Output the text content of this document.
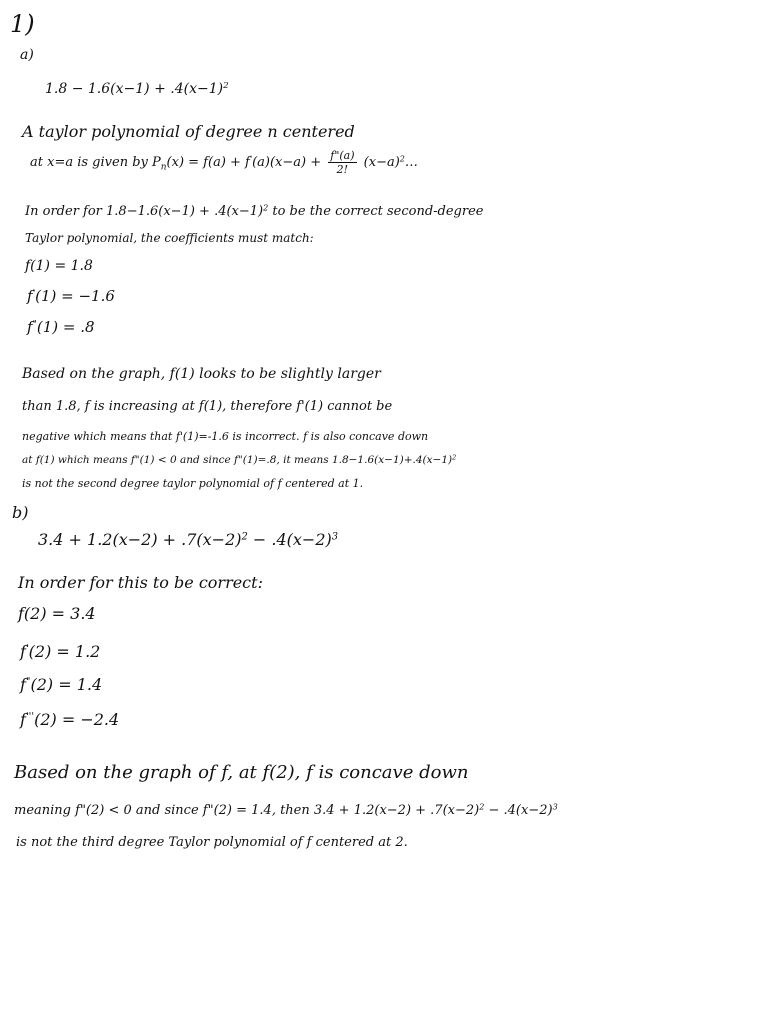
1)
a)
$1.8 - 1.6(x-1) + .4(x-1)^2$
A taylor polynomial of degree n centered
at x=a is given by $P_n(x) = f(a) + f'(a)(x-a) + \frac{f"(a)}{2!}$ $(x-a)^2\dots$
In order for $1.8-1.6(x-1) + .4(x-1)^2$ to be the correct second-degree
Taylor polynomial, the coefficients must match:
f(1) = 1.8
f'(1) = −1.6
f"(1) = .8
Based on the graph, f(1) looks to be slightly larger
than 1.8, f is increasing at f(1), therefore f'(1) cannot be
negative which means that f'(1)=-1.6 is incorrect. f is also concave down
at f(1) which means f"(1) < 0 and since f"(1)=.8, it means $1.8-1.6(x-1)+.4(x-1)^2$
is not the second degree taylor polynomial of f centered at 1.
b)
$3.4 + 1.2(x-2) + .7(x-2)^2 - .4(x-2)^3$
In order for this to be correct:
f(2) = 3.4
f'(2) = 1.2
f"(2) = 1.4
f'''(2) = −2.4
Based on the graph of f, at f(2), f is concave down
meaning f"(2) < 0 and since f"(2) = 1.4, then $3.4 + 1.2(x-2) + .7(x-2)^2 - .4(x-2)^3$
is not the third degree Taylor polynomial of f centered at 2.
